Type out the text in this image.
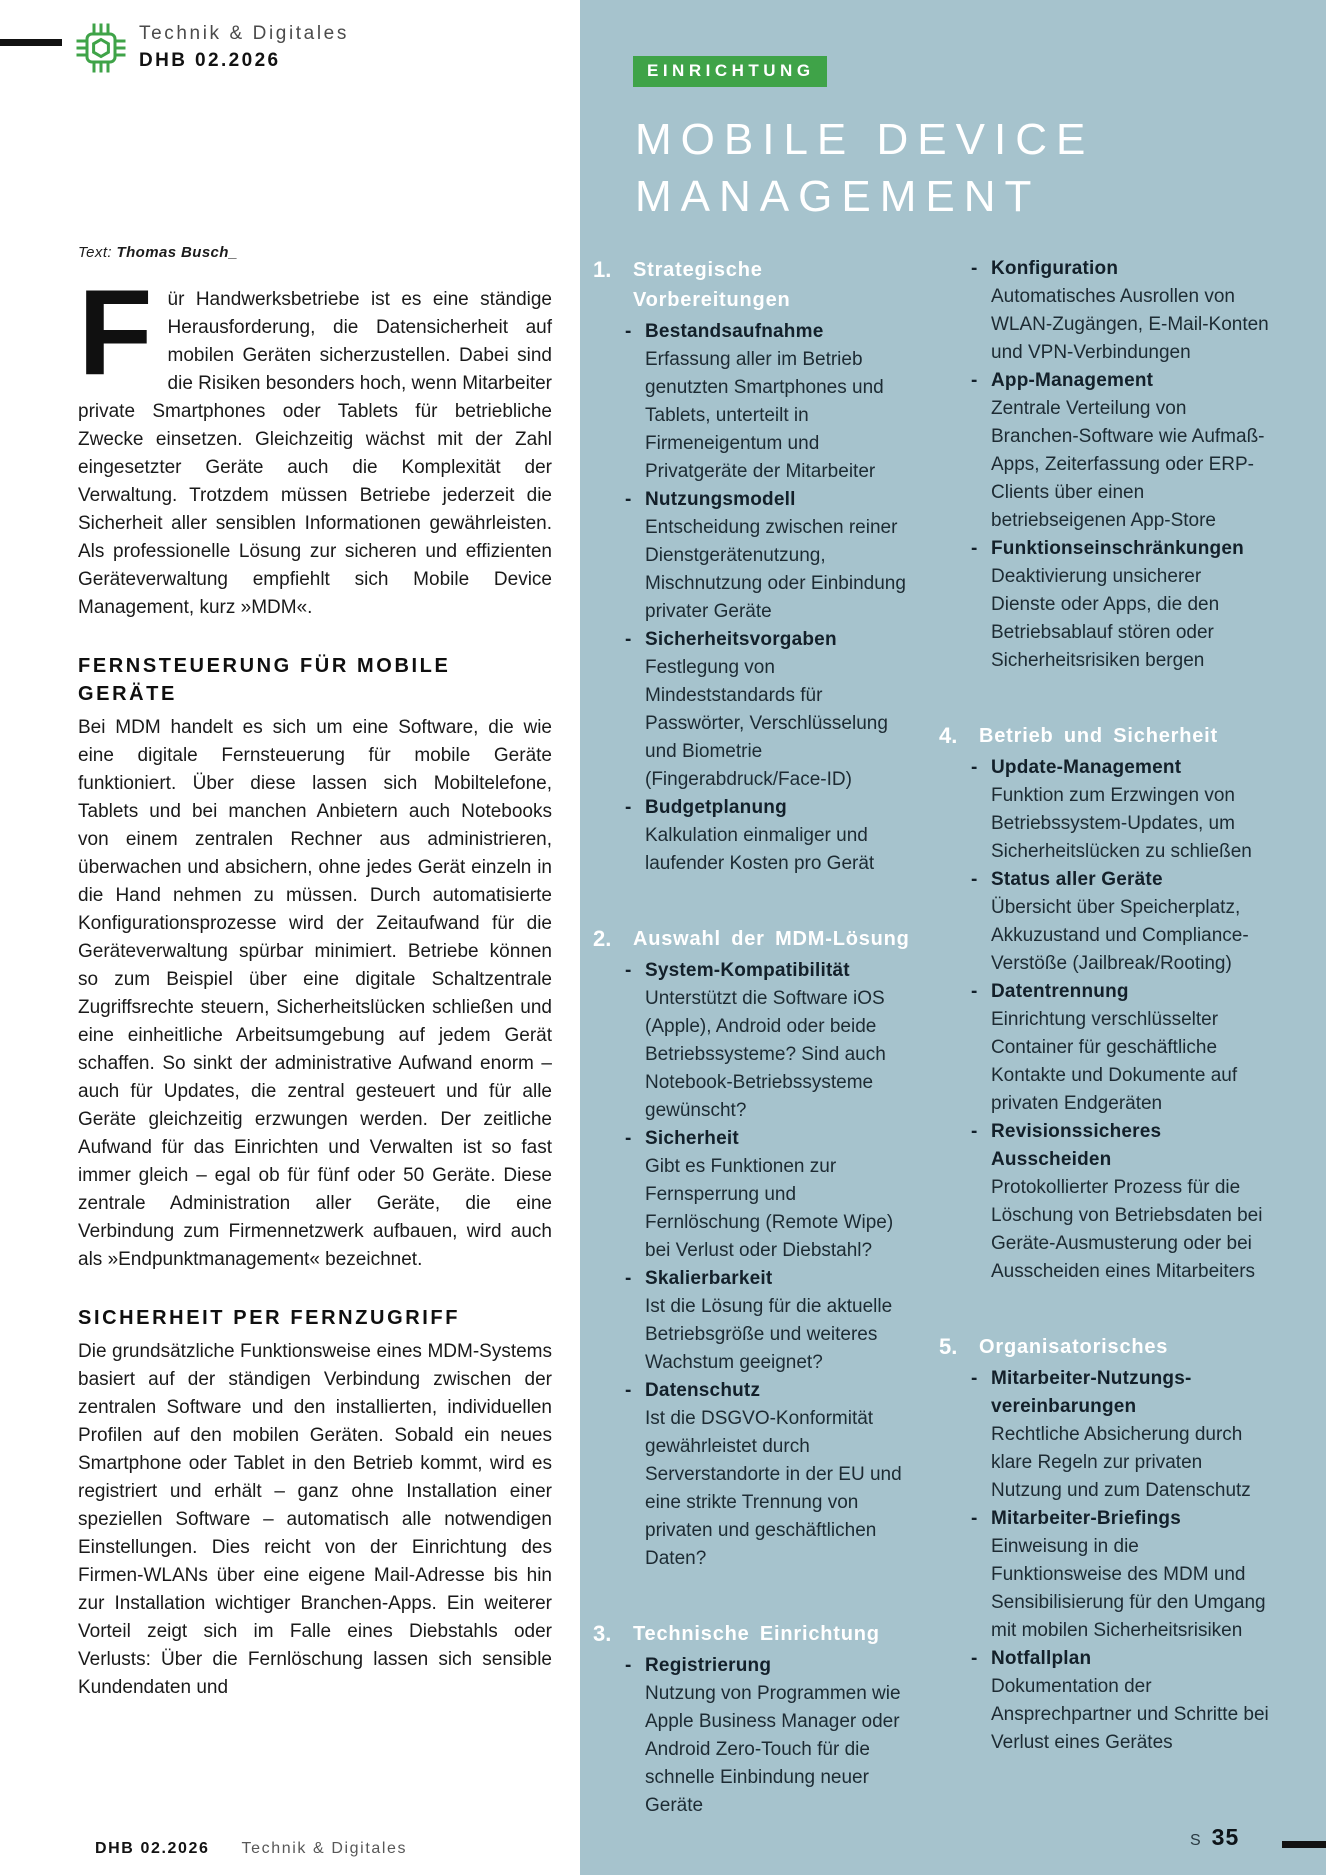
Technik & Digitales
DHB 02.2026
Text: Thomas Busch_

Für Handwerksbetriebe ist es eine ständige Herausforderung, die Datensicherheit auf mobilen Geräten sicherzustellen. Dabei sind die Risiken besonders hoch, wenn Mitarbeiter private Smartphones oder Tablets für betriebliche Zwecke einsetzen. Gleichzeitig wächst mit der Zahl eingesetzter Geräte auch die Komplexität der Verwaltung. Trotzdem müssen Betriebe jederzeit die Sicherheit aller sensiblen Informationen gewährleisten. Als professionelle Lösung zur sicheren und effizienten Geräteverwaltung empfiehlt sich Mobile Device Management, kurz »MDM«.

FERNSTEUERUNG FÜR MOBILE GERÄTE

Bei MDM handelt es sich um eine Software, die wie eine digitale Fernsteuerung für mobile Geräte funktioniert. Über diese lassen sich Mobiltelefone, Tablets und bei manchen Anbietern auch Notebooks von einem zentralen Rechner aus administrieren, überwachen und absichern, ohne jedes Gerät einzeln in die Hand nehmen zu müssen. Durch automatisierte Konfigurationsprozesse wird der Zeitaufwand für die Geräteverwaltung spürbar minimiert. Betriebe können so zum Beispiel über eine digitale Schaltzentrale Zugriffsrechte steuern, Sicherheitslücken schließen und eine einheitliche Arbeitsumgebung auf jedem Gerät schaffen. So sinkt der administrative Aufwand enorm – auch für Updates, die zentral gesteuert und für alle Geräte gleichzeitig erzwungen werden. Der zeitliche Aufwand für das Einrichten und Verwalten ist so fast immer gleich – egal ob für fünf oder 50 Geräte. Diese zentrale Administration aller Geräte, die eine Verbindung zum Firmennetzwerk aufbauen, wird auch als »Endpunktmanagement« bezeichnet.

SICHERHEIT PER FERNZUGRIFF

Die grundsätzliche Funktionsweise eines MDM-Systems basiert auf der ständigen Verbindung zwischen der zentralen Software und den installierten, individuellen Profilen auf den mobilen Geräten. Sobald ein neues Smartphone oder Tablet in den Betrieb kommt, wird es registriert und erhält – ganz ohne Installation einer speziellen Software – automatisch alle notwendigen Einstellungen. Dies reicht von der Einrichtung des Firmen-WLANs über eine eigene Mail-Adresse bis hin zur Installation wichtiger Branchen-Apps. Ein weiterer Vorteil zeigt sich im Falle eines Diebstahls oder Verlusts: Über die Fernlöschung lassen sich sensible Kundendaten und

EINRICHTUNG
MOBILE DEVICE
MANAGEMENT
1.	Strategische Vorbereitungen
- Bestandsaufnahme
Erfassung aller im Betrieb genutzten Smartphones und Tablets, unterteilt in Firmeneigentum und Privatgeräte der Mitarbeiter
- Nutzungsmodell
Entscheidung zwischen reiner Dienstgerätenutzung, Mischnutzung oder Einbindung privater Geräte
- Sicherheitsvorgaben
Festlegung von Mindeststandards für Passwörter, Verschlüsselung und Biometrie (Fingerabdruck/Face-ID)
- Budgetplanung
Kalkulation einmaliger und laufender Kosten pro Gerät
2.	Auswahl der MDM-Lösung
- System-Kompatibilität
Unterstützt die Software iOS (Apple), Android oder beide Betriebssysteme? Sind auch Notebook-Betriebssysteme gewünscht?
- Sicherheit
Gibt es Funktionen zur Fernsperrung und Fernlöschung (Remote Wipe) bei Verlust oder Diebstahl?
- Skalierbarkeit
Ist die Lösung für die aktuelle Betriebsgröße und weiteres Wachstum geeignet?
- Datenschutz
Ist die DSGVO-Konformität gewährleistet durch Serverstandorte in der EU und eine strikte Trennung von privaten und geschäftlichen Daten?
3.	Technische Einrichtung
- Registrierung
Nutzung von Programmen wie Apple Business Manager oder Android Zero-Touch für die schnelle Einbindung neuer Geräte
- Konfiguration
Automatisches Ausrollen von WLAN-Zugängen, E-Mail-Konten und VPN-Verbindungen
- App-Management
Zentrale Verteilung von Branchen-Software wie Aufmaß-Apps, Zeiterfassung oder ERP-Clients über einen betriebseigenen App-Store
- Funktionseinschränkungen
Deaktivierung unsicherer Dienste oder Apps, die den Betriebsablauf stören oder Sicherheitsrisiken bergen
4.	Betrieb und Sicherheit
- Update-Management
Funktion zum Erzwingen von Betriebssystem-Updates, um Sicherheitslücken zu schließen
- Status aller Geräte
Übersicht über Speicherplatz, Akkuzustand und Compliance-Verstöße (Jailbreak/Rooting)
- Datentrennung
Einrichtung verschlüsselter Container für geschäftliche Kontakte und Dokumente auf privaten Endgeräten
- Revisionssicheres Ausscheiden
Protokollierter Prozess für die Löschung von Betriebsdaten bei Geräte-Ausmusterung oder bei Ausscheiden eines Mitarbeiters
5.	Organisatorisches
- Mitarbeiter-Nutzungs-vereinbarungen
Rechtliche Absicherung durch klare Regeln zur privaten Nutzung und zum Datenschutz
- Mitarbeiter-Briefings
Einweisung in die Funktionsweise des MDM und Sensibilisierung für den Umgang mit mobilen Sicherheitsrisiken
- Notfallplan
Dokumentation der Ansprechpartner und Schritte bei Verlust eines Gerätes
DHB 02.2026 Technik & Digitales	S 35
